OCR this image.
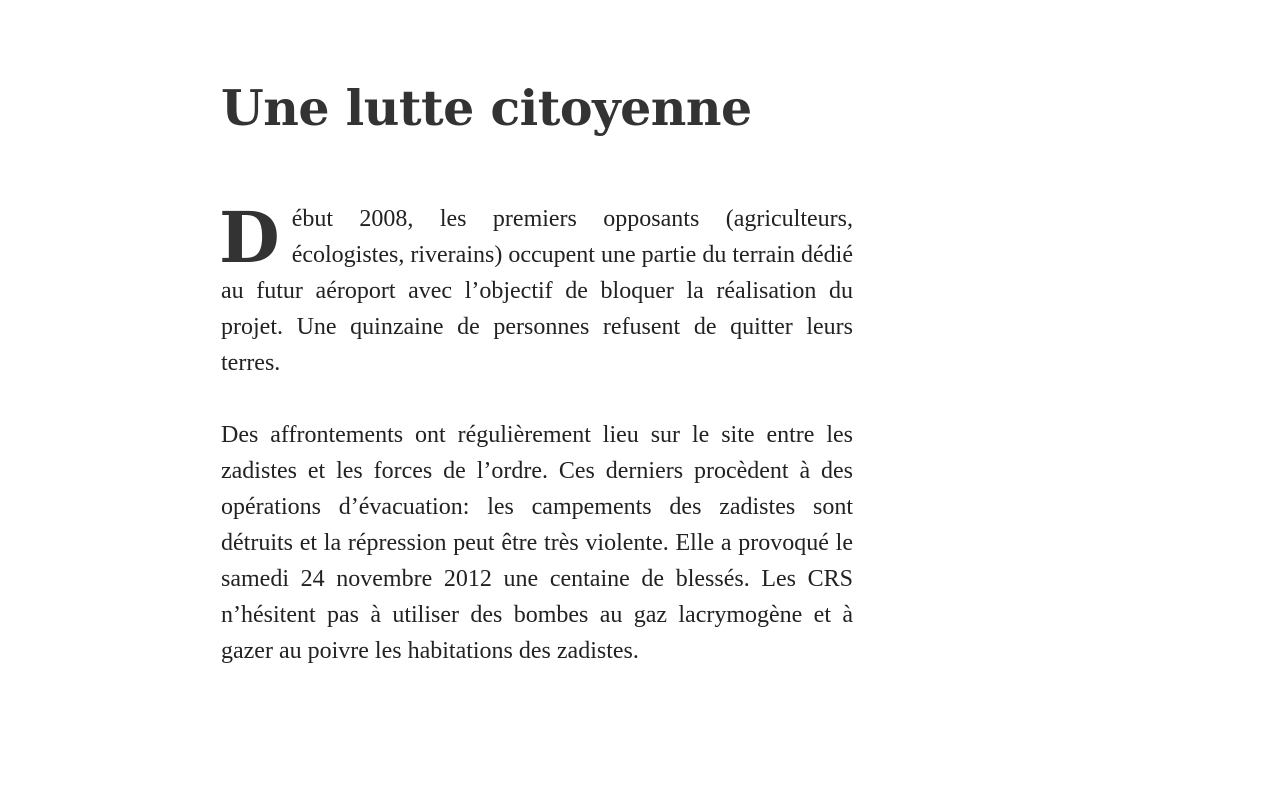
Une lutte citoyenne

D ébut 2008, les premiers opposants (agriculteurs, écologistes, riverains) occupent une partie du terrain dédié au futur aéroport avec l’objectif de bloquer la réalisation du projet. Une quinzaine de personnes refusent de quitter leurs terres.

Des affrontements ont régulièrement lieu sur le site entre les zadistes et les forces de l’ordre. Ces derniers procèdent à des opérations d’évacuation: les campements des zadistes sont détruits et la répression peut être très violente. Elle a provoqué le samedi 24 novembre 2012 une centaine de blessés. Les CRS n’hésitent pas à utiliser des bombes au gaz lacrymogène et à gazer au poivre les habitations des zadistes.
